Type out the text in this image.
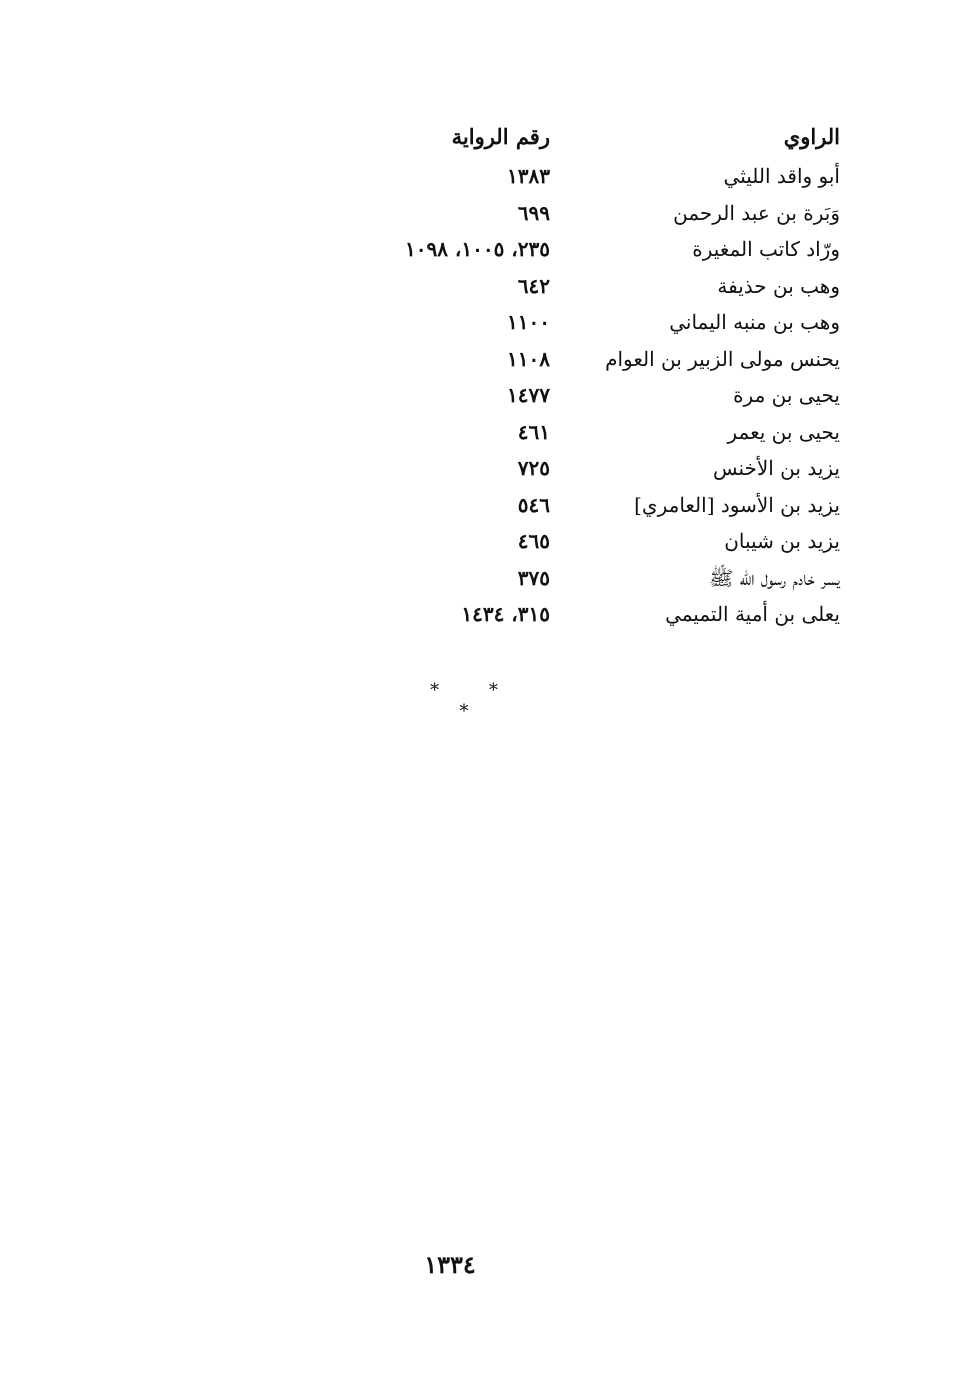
الراوي
رقم الرواية
أبو واقد الليثي
١٣٨٣
وَبَرة بن عبد الرحمن
٦٩٩
ورّاد كاتب المغيرة
٢٣٥، ١٠٠٥، ١٠٩٨
وهب بن حذيفة
٦٤٢
وهب بن منبه اليماني
١١٠٠
يحنس مولى الزبير بن العوام
١١٠٨
يحيى بن مرة
١٤٧٧
يحيى بن يعمر
٤٦١
يزيد بن الأخنس
٧٢٥
يزيد بن الأسود [العامري]
٥٤٦
يزيد بن شيبان
٤٦٥
يسر خادم رسول الله ﷺ
٣٧٥
يعلى بن أمية التميمي
٣١٥، ١٤٣٤
* * *
١٣٣٤
